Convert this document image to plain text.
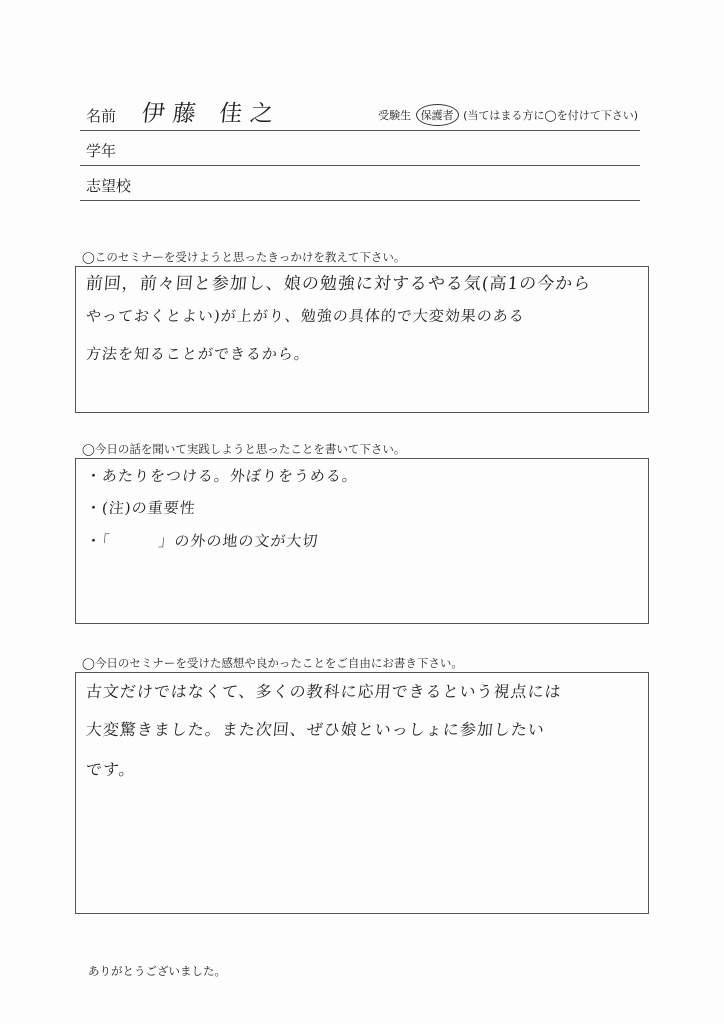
名前 伊藤 佳之	受験生 保護者 (当てはまる方に◯を付けて下さい)
学年
志望校
◯このセミナーを受けようと思ったきっかけを教えて下さい。
前回，前々回と参加し、娘の勉強に対するやる気(高1の今から
やっておくとよい)が上がり、勉強の具体的で大変効果のある
方法を知ることができるから。
◯今日の話を聞いて実践しようと思ったことを書いて下さい。
・あたりをつける。外ぼりをうめる。
・(注)の重要性
・「　　　」の外の地の文が大切
◯今日のセミナーを受けた感想や良かったことをご自由にお書き下さい。
古文だけではなくて、多くの教科に応用できるという視点には
大変驚きました。また次回、ぜひ娘といっしょに参加したい
です。
ありがとうございました。
